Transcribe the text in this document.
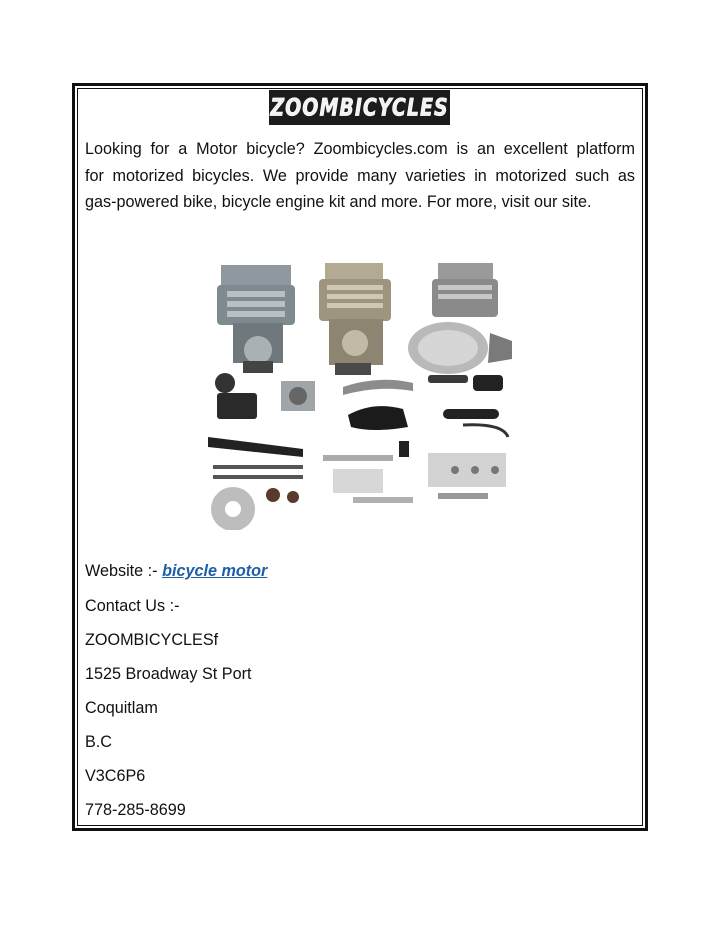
ZOOMBICYCLES
Looking for a Motor bicycle? Zoombicycles.com is an excellent platform
for motorized bicycles. We provide many varieties in motorized such as
gas-powered bike, bicycle engine kit and more. For more, visit our site.
Website :- bicycle motor
Contact Us :-
ZOOMBICYCLESf
1525 Broadway St Port
Coquitlam
B.C
V3C6P6
778-285-8699
